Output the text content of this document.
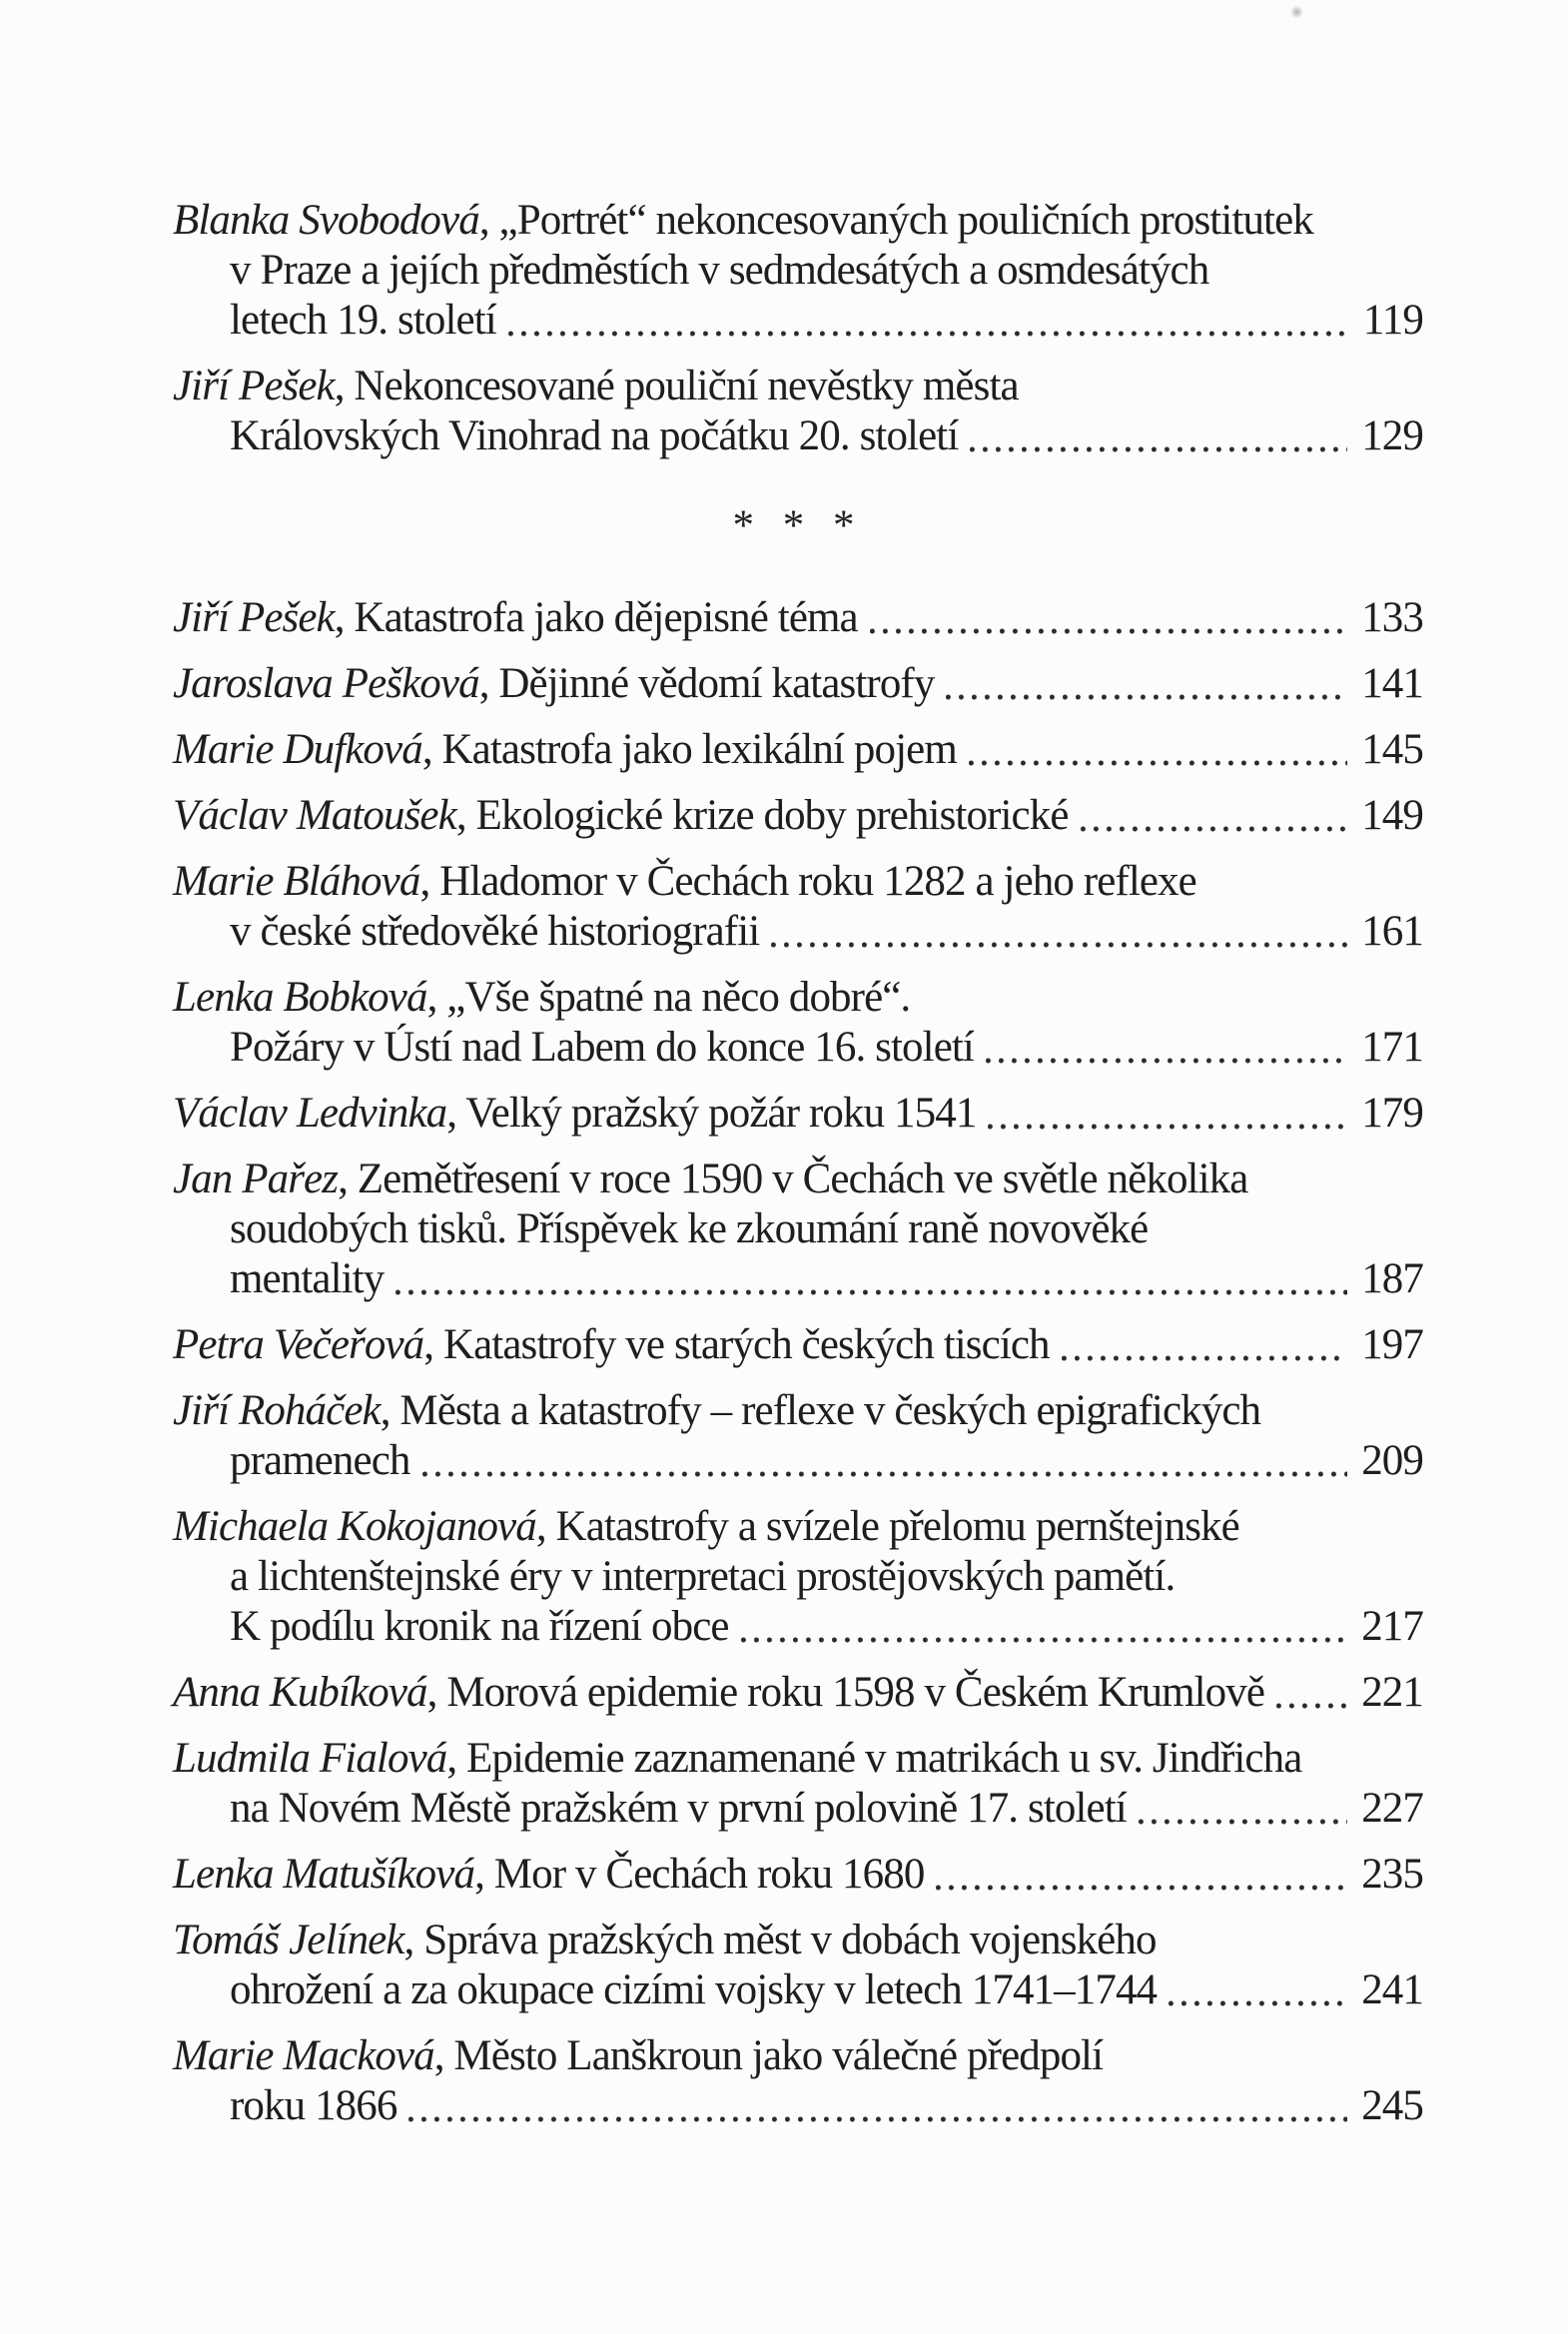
Blanka Svobodová , „Portrét“ nekoncesovaných pouličních prostitutek
v Praze a jejích předměstích v sedmdesátých a osmdesátých
letech 19. století	119
Jiří Pešek , Nekoncesované pouliční nevěstky města
Královských Vinohrad na počátku 20. století	129
* * *
Jiří Pešek , Katastrofa jako dějepisné téma	133
Jaroslava Pešková , Dějinné vědomí katastrofy	141
Marie Dufková , Katastrofa jako lexikální pojem	145
Václav Matoušek , Ekologické krize doby prehistorické	149
Marie Bláhová , Hladomor v Čechách roku 1282 a jeho reflexe
v české středověké historiografii	161
Lenka Bobková , „Vše špatné na něco dobré“.
Požáry v Ústí nad Labem do konce 16. století	171
Václav Ledvinka , Velký pražský požár roku 1541	179
Jan Pařez , Zemětřesení v roce 1590 v Čechách ve světle několika
soudobých tisků. Příspěvek ke zkoumání raně novověké
mentality	187
Petra Večeřová , Katastrofy ve starých českých tiscích	197
Jiří Roháček , Města a katastrofy – reflexe v českých epigrafických
pramenech	209
Michaela Kokojanová , Katastrofy a svízele přelomu pernštejnské
a lichtenštejnské éry v interpretaci prostějovských pamětí.
K podílu kronik na řízení obce	217
Anna Kubíková , Morová epidemie roku 1598 v Českém Krumlově 221
Ludmila Fialová , Epidemie zaznamenané v matrikách u sv. Jindřicha
na Novém Městě pražském v první polovině 17. století	227
Lenka Matušíková , Mor v Čechách roku 1680	235
Tomáš Jelínek , Správa pražských měst v dobách vojenského
ohrožení a za okupace cizími vojsky v letech 1741–1744	241
Marie Macková , Město Lanškroun jako válečné předpolí
roku 1866	245
